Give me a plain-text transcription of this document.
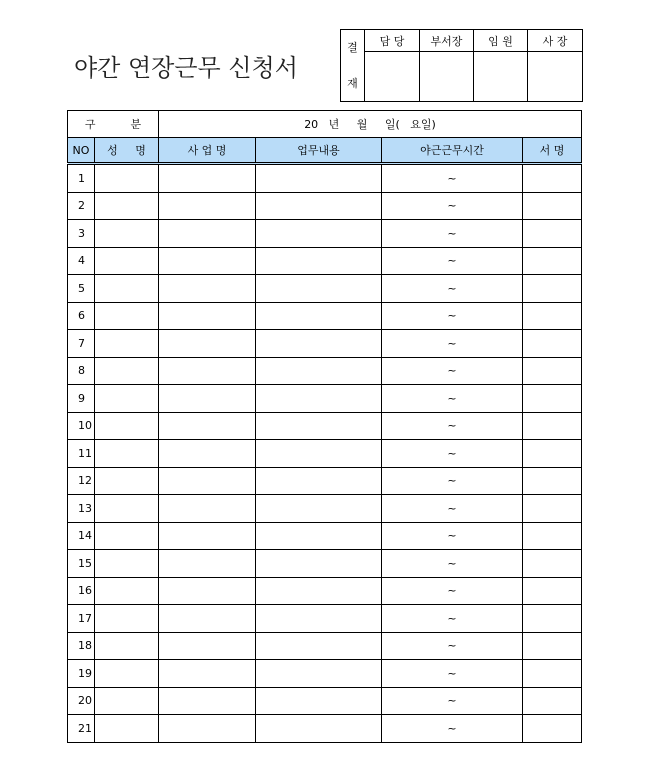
야간 연장근무 신청서
결
재	담 당	부서장	임 원	사 장

구          분		20   년     월     일(   요일)			
NO	성     명	사 업 명	업무내용	야근근무시간	서 명
1				~	
2				~	
3				~	
4				~	
5				~	
6				~	
7				~	
8				~	
9				~	
10				~	
11				~	
12				~	
13				~	
14				~	
15				~	
16				~	
17				~	
18				~	
19				~	
20				~	
21				~	
